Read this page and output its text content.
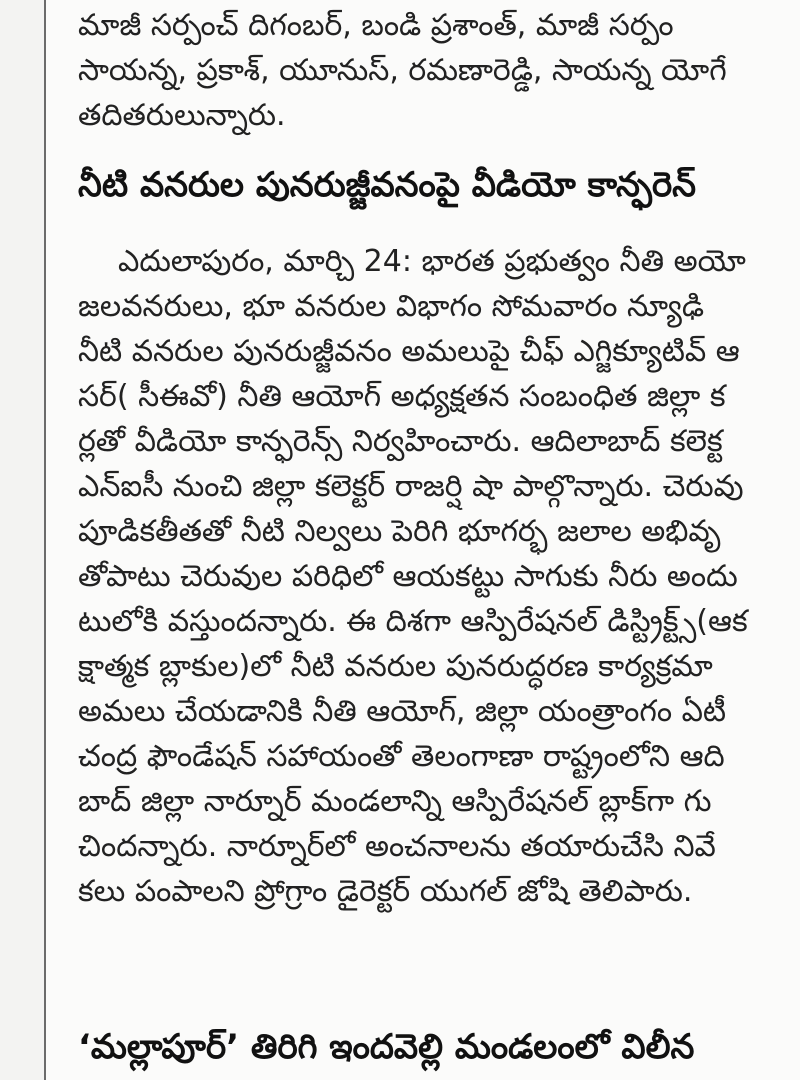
మాజీ సర్పంచ్ దిగంబర్, బండి ప్రశాంత్, మాజీ సర్పం
సాయన్న, ప్రకాశ్, యూనుస్, రమణారెడ్డి, సాయన్న యోగే
తదితరులున్నారు.
నీటి వనరుల పునరుజ్జీవనంపై వీడియో కాన్ఫరెన్
ఎదులాపురం, మార్చి 24: భారత ప్రభుత్వం నీతి అయో
జలవనరులు, భూ వనరుల విభాగం సోమవారం న్యూఢి
నీటి వనరుల పునరుజ్జీవనం అమలుపై చీఫ్ ఎగ్జిక్యూటివ్ ఆ
సర్( సీఈవో) నీతి ఆయోగ్ అధ్యక్షతన సంబంధిత జిల్లా క
ర్లతో వీడియో కాన్ఫరెన్స్ నిర్వహించారు. ఆదిలాబాద్ కలెక్ట
ఎన్ఐసీ నుంచి జిల్లా కలెక్టర్ రాజర్షి షా పాల్గొన్నారు. చెరువు
పూడికతీతతో నీటి నిల్వలు పెరిగి భూగర్భ జలాల అభివృ
తోపాటు చెరువుల పరిధిలో ఆయకట్టు సాగుకు నీరు అందు
టులోకి వస్తుందన్నారు. ఈ దిశగా ఆస్పిరేషనల్ డిస్ట్రిక్ట్స్(ఆక
క్షాత్మక బ్లాకుల)లో నీటి వనరుల పునరుద్ధరణ కార్యక్రమా
అమలు చేయడానికి నీతి ఆయోగ్, జిల్లా యంత్రాంగం ఏటీ
చంద్ర ఫౌండేషన్ సహాయంతో తెలంగాణా రాష్ట్రంలోని ఆది
బాద్ జిల్లా నార్నూర్ మండలాన్ని ఆస్పిరేషనల్ బ్లాక్‌గా గు
చిందన్నారు. నార్నూర్‌లో అంచనాలను తయారుచేసి నివే
కలు పంపాలని ప్రోగ్రాం డైరెక్టర్ యుగల్ జోషి తెలిపారు.
‘మల్లాపూర్’ తిరిగి ఇందవెల్లి మండలంలో విలీన
